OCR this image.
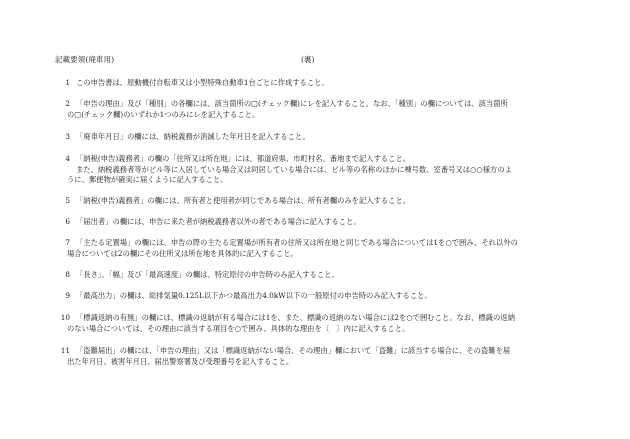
記載要領(廃車用)	(裏)
1 この申告書は、原動機付自転車又は小型特殊自動車1台ごとに作成すること。
2 「申告の理由」及び「種別」の各欄には、該当箇所の□(チェック欄)にレを記入すること。なお、「種別」の欄については、該当箇所
の□(チェック欄)のいずれか1つのみにレを記入すること。
3 「廃車年月日」の欄には、納税義務が消滅した年月日を記入すること。
4 「納税(申告)義務者」の欄の「住所又は所在地」には、都道府県、市町村名、番地まで記入すること。
また、納税義務者等がビル等に入居している場合又は同居している場合には、ビル等の名称のほかに棟号数、室番号又は○○様方のよ
うに、郵便物が確実に届くように記入すること。
5 「納税(申告)義務者」の欄には、所有者と使用者が同じである場合は、所有者欄のみを記入すること。
6 「届出者」の欄には、申告に来た者が納税義務者以外の者である場合に記入すること。
7 「主たる定置場」の欄には、申告の際の主たる定置場が所有者の住所又は所在地と同じである場合については1を○で囲み、それ以外の
場合については2の欄にその住所又は所在地を具体的に記入すること。
8 「長さ」、「幅」及び「最高速度」の欄は、特定原付の申告時のみ記入すること。
9 「最高出力」の欄は、総排気量0.125L以下かつ最高出力4.0kW以下の一般原付の申告時のみ記入すること。
10 「標識返納の有無」の欄には、標識の返納が有る場合には1を、また、標識の返納のない場合には2を○で囲むこと。なお、標識の返納
のない場合については、その理由に該当する項目を○で囲み、具体的な理由を〔　〕内に記入すること。
11 「盗難届出」の欄には、「申告の理由」又は「標識返納がない場合、その理由」欄において「盗難」に該当する場合に、その盗難を届
出た年月日、被害年月日、届出警察署及び受理番号を記入すること。
